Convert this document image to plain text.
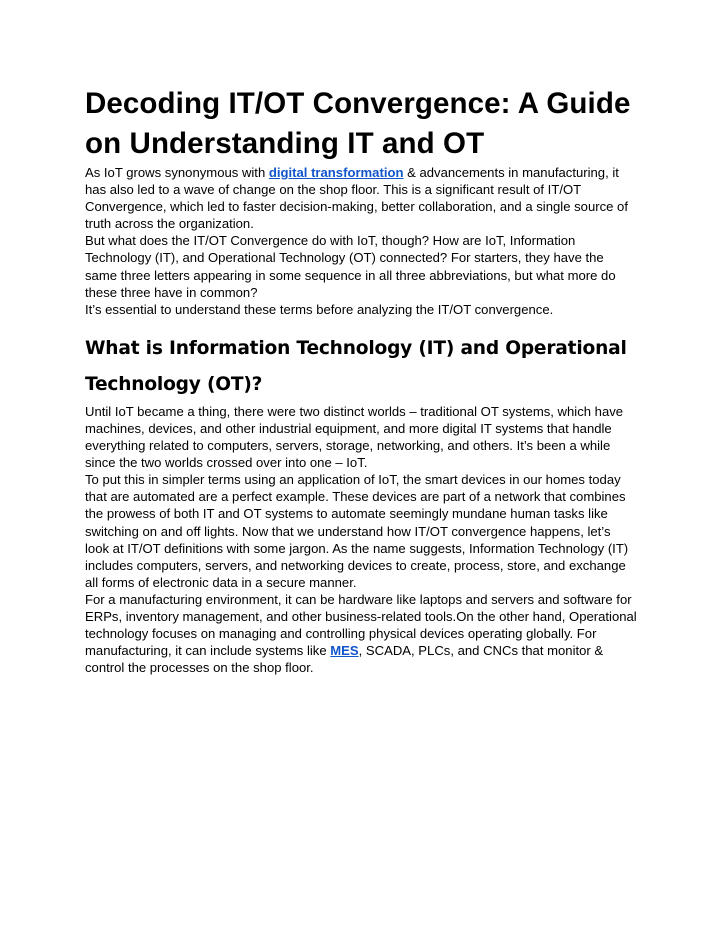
Decoding IT/OT Convergence: A Guide on Understanding IT and OT

As IoT grows synonymous with digital transformation & advancements in manufacturing, it has also led to a wave of change on the shop floor. This is a significant result of IT/OT Convergence, which led to faster decision-making, better collaboration, and a single source of truth across the organization.

But what does the IT/OT Convergence do with IoT, though? How are IoT, Information Technology (IT), and Operational Technology (OT) connected? For starters, they have the same three letters appearing in some sequence in all three abbreviations, but what more do these three have in common?

It’s essential to understand these terms before analyzing the IT/OT convergence.

What is Information Technology (IT) and Operational Technology (OT)?

Until IoT became a thing, there were two distinct worlds – traditional OT systems, which have machines, devices, and other industrial equipment, and more digital IT systems that handle everything related to computers, servers, storage, networking, and others. It’s been a while since the two worlds crossed over into one – IoT.

To put this in simpler terms using an application of IoT, the smart devices in our homes today that are automated are a perfect example. These devices are part of a network that combines the prowess of both IT and OT systems to automate seemingly mundane human tasks like switching on and off lights. Now that we understand how IT/OT convergence happens, let’s look at IT/OT definitions with some jargon. As the name suggests, Information Technology (IT) includes computers, servers, and networking devices to create, process, store, and exchange all forms of electronic data in a secure manner.

For a manufacturing environment, it can be hardware like laptops and servers and software for ERPs, inventory management, and other business-related tools.On the other hand, Operational technology focuses on managing and controlling physical devices operating globally. For manufacturing, it can include systems like MES, SCADA, PLCs, and CNCs that monitor & control the processes on the shop floor.
